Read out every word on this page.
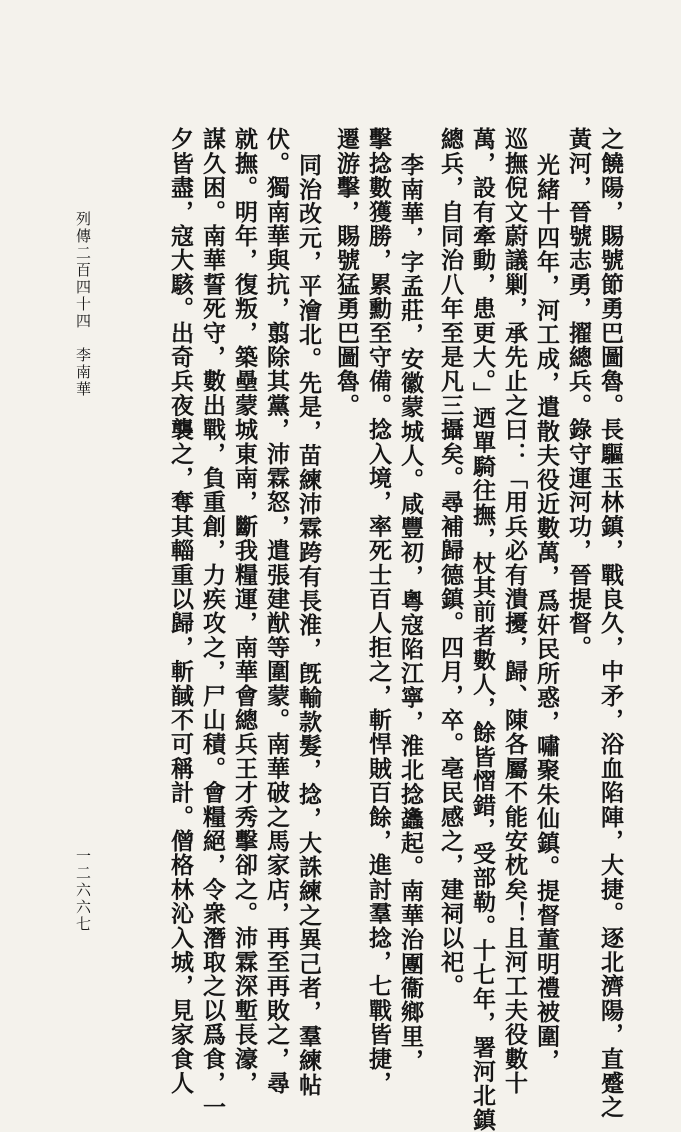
列傳二百四十四　李南華
一二六六七	之饒陽，賜號節勇巴圖魯。長驅玉林鎮，戰良久，中矛，浴血陷陣，大捷。逐北濟陽，直蹙之
黃河，晉號志勇，擢總兵。錄守運河功，晉提督。
光緒十四年，河工成，遣散夫役近數萬，爲奸民所惑，嘯聚朱仙鎮。提督董明禮被圍，
巡撫倪文蔚議剿，承先止之曰：「用兵必有潰擾，歸、陳各屬不能安枕矣！且河工夫役數十
萬，設有牽動，患更大。」迺單騎往撫，杖其前者數人，餘皆慴錯，受部勒。十七年，署河北鎮
總兵，自同治八年至是凡三攝矣。尋補歸德鎮。四月，卒。亳民感之，建祠以祀。
李南華，字孟莊，安徽蒙城人。咸豐初，粵寇陷江寧，淮北捻蠭起。南華治團衞鄉里，
擊捻數獲勝，累勳至守備。捻入境，率死士百人拒之，斬悍賊百餘，進討羣捻，七戰皆捷，
遷游擊，賜號猛勇巴圖魯。
同治改元，平澮北。先是，苗練沛霖跨有長淮，旣輸款髮，捻，大誅練之異己者，羣練帖
伏。獨南華與抗，翦除其黨，沛霖怒，遣張建猷等圍蒙。南華破之馬家店，再至再敗之，尋
就撫。明年，復叛，築壘蒙城東南，斷我糧運，南華會總兵王才秀擊卻之。沛霖深塹長濠，
謀久困。南華誓死守，數出戰，負重創，力疾攻之，尸山積。會糧絕，令衆潛取之以爲食，一
夕皆盡，寇大駭。出奇兵夜襲之，奪其輜重以歸，斬馘不可稱計。僧格林沁入城，見家食人
